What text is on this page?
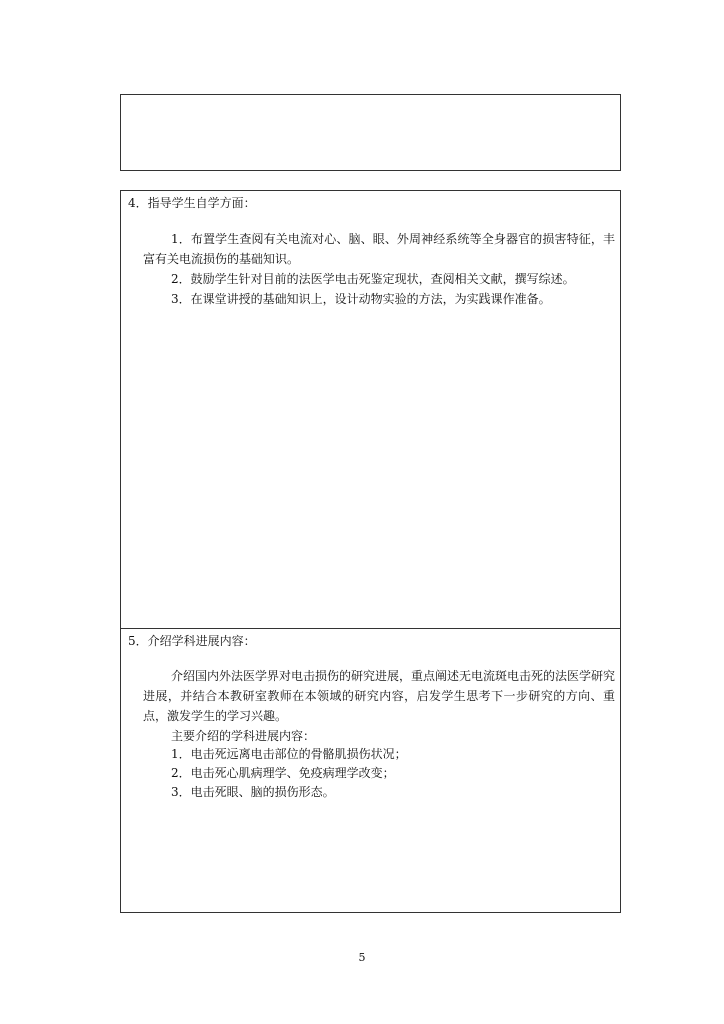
4．指导学生自学方面：
1．布置学生查阅有关电流对心、脑、眼、外周神经系统等全身器官的损害特征，丰富有关电流损伤的基础知识。
2．鼓励学生针对目前的法医学电击死鉴定现状，查阅相关文献，撰写综述。
3．在课堂讲授的基础知识上，设计动物实验的方法，为实践课作准备。
5．介绍学科进展内容：
介绍国内外法医学界对电击损伤的研究进展，重点阐述无电流斑电击死的法医学研究进展，并结合本教研室教师在本领域的研究内容，启发学生思考下一步研究的方向、重点，激发学生的学习兴趣。
主要介绍的学科进展内容：
1．电击死远离电击部位的骨骼肌损伤状况；
2．电击死心肌病理学、免疫病理学改变；
3．电击死眼、脑的损伤形态。
5
